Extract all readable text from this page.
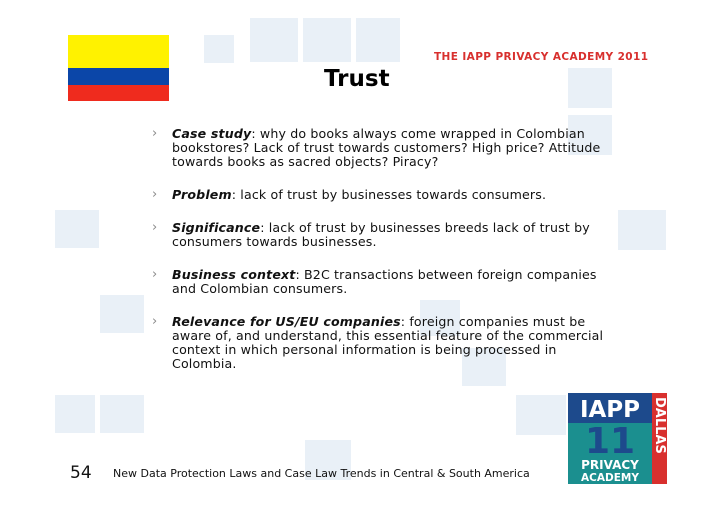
THE IAPP PRIVACY ACADEMY 2011
Trust
› Case study: why do books always come wrapped in Colombian bookstores? Lack of trust towards customers? High price? Attitude towards books as sacred objects? Piracy?
› Problem: lack of trust by businesses towards consumers.
› Significance: lack of trust by businesses breeds lack of trust by consumers towards businesses.
› Business context: B2C transactions between foreign companies and Colombian consumers.
› Relevance for US/EU companies: foreign companies must be aware of, and understand, this essential feature of the commercial context in which personal information is being processed in Colombia.
54 New Data Protection Laws and Case Law Trends in Central & South America
IAPP
11
PRIVACY
ACADEMY
DALLAS
